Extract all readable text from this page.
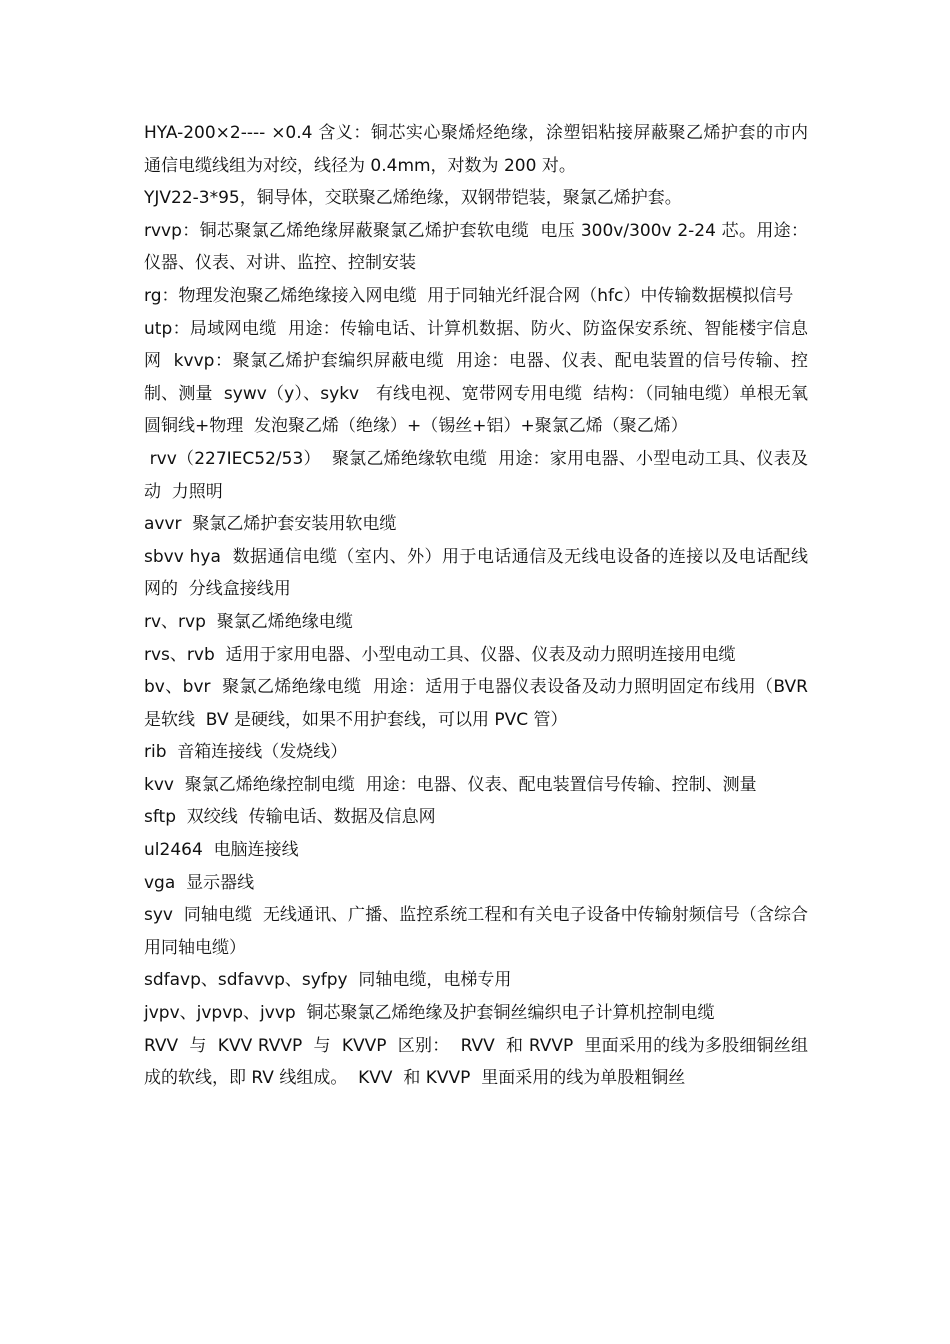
HYA-200×2---- ×0.4 含义：铜芯实心聚烯烃绝缘，涂塑铝粘接屏蔽聚乙烯护套的市内通信电缆线组为对绞，线径为 0.4mm，对数为 200 对。

YJV22-3*95，铜导体，交联聚乙烯绝缘，双钢带铠装，聚氯乙烯护套。

rvvp：铜芯聚氯乙烯绝缘屏蔽聚氯乙烯护套软电缆  电压 300v/300v 2-24 芯。用途：仪器、仪表、对讲、监控、控制安装

rg：物理发泡聚乙烯绝缘接入网电缆  用于同轴光纤混合网（hfc）中传输数据模拟信号

utp：局域网电缆  用途：传输电话、计算机数据、防火、防盗保安系统、智能楼宇信息网  kvvp：聚氯乙烯护套编织屏蔽电缆  用途：电器、仪表、配电装置的信号传输、控制、测量  sywv（y）、sykv   有线电视、宽带网专用电缆  结构：（同轴电缆）单根无氧圆铜线+物理  发泡聚乙烯（绝缘）+（锡丝+铝）+聚氯乙烯（聚乙烯）

rvv（227IEC52/53）  聚氯乙烯绝缘软电缆  用途：家用电器、小型电动工具、仪表及动  力照明

avvr  聚氯乙烯护套安装用软电缆

sbvv hya  数据通信电缆（室内、外）用于电话通信及无线电设备的连接以及电话配线网的  分线盒接线用

rv、rvp  聚氯乙烯绝缘电缆

rvs、rvb  适用于家用电器、小型电动工具、仪器、仪表及动力照明连接用电缆

bv、bvr  聚氯乙烯绝缘电缆  用途：适用于电器仪表设备及动力照明固定布线用（BVR 是软线  BV 是硬线，如果不用护套线，可以用 PVC 管）

rib  音箱连接线（发烧线）

kvv  聚氯乙烯绝缘控制电缆  用途：电器、仪表、配电装置信号传输、控制、测量

sftp  双绞线  传输电话、数据及信息网

ul2464  电脑连接线

vga  显示器线

syv  同轴电缆  无线通讯、广播、监控系统工程和有关电子设备中传输射频信号（含综合用同轴电缆）

sdfavp、sdfavvp、syfpy  同轴电缆，电梯专用

jvpv、jvpvp、jvvp  铜芯聚氯乙烯绝缘及护套铜丝编织电子计算机控制电缆

RVV  与  KVV RVVP  与  KVVP  区别：  RVV  和 RVVP  里面采用的线为多股细铜丝组成的软线，即 RV 线组成。  KVV  和 KVVP  里面采用的线为单股粗铜丝
